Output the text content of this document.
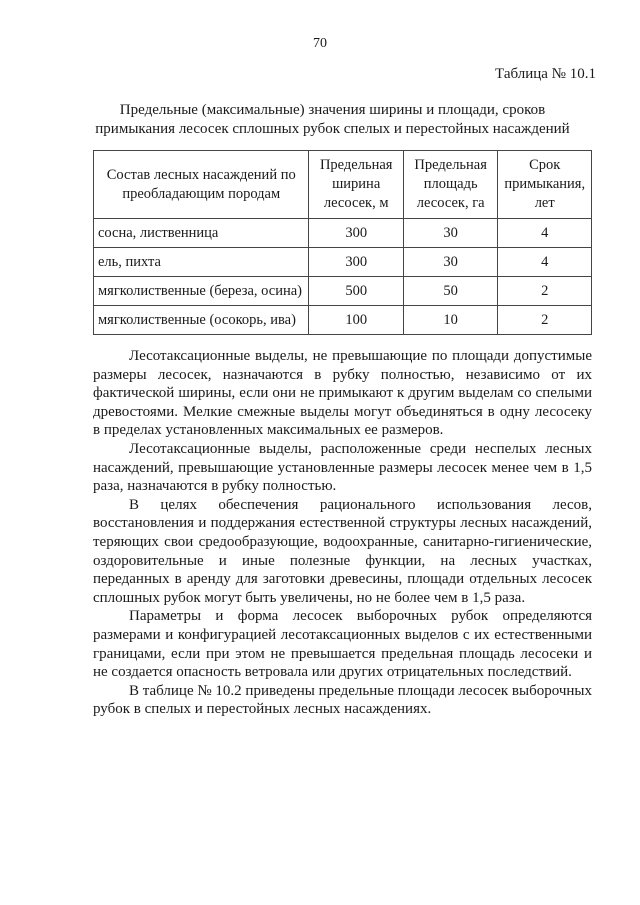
70
Таблица № 10.1
Предельные (максимальные) значения ширины и площади, сроков примыкания лесосек сплошных рубок спелых и перестойных насаждений
Состав лесных насаждений по преобладающим породам	Предельная ширина лесосек, м	Предельная площадь лесосек, га	Срок примыкания, лет
сосна, лиственница	300	30	4
ель, пихта	300	30	4
мягколиственные (береза, осина)	500	50	2
мягколиственные (осокорь, ива)	100	10	2

Лесотаксационные выделы, не превышающие по площади допустимые размеры лесосек, назначаются в рубку полностью, независимо от их фактической ширины, если они не примыкают к другим выделам со спелыми древостоями. Мелкие смежные выделы могут объединяться в одну лесосеку в пределах установленных максимальных ее размеров.

Лесотаксационные выделы, расположенные среди неспелых лесных насаждений, превышающие установленные размеры лесосек менее чем в 1,5 раза, назначаются в рубку полностью.

В целях обеспечения рационального использования лесов, восстановления и поддержания естественной структуры лесных насаждений, теряющих свои средообразующие, водоохранные, санитарно-гигиенические, оздоровительные и иные полезные функции, на лесных участках, переданных в аренду для заготовки древесины, площади отдельных лесосек сплошных рубок могут быть увеличены, но не более чем в 1,5 раза.

Параметры и форма лесосек выборочных рубок определяются размерами и конфигурацией лесотаксационных выделов с их естественными границами, если при этом не превышается предельная площадь лесосеки и не создается опасность ветровала или других отрицательных последствий.

В таблице № 10.2 приведены предельные площади лесосек выборочных рубок в спелых и перестойных лесных насаждениях.
